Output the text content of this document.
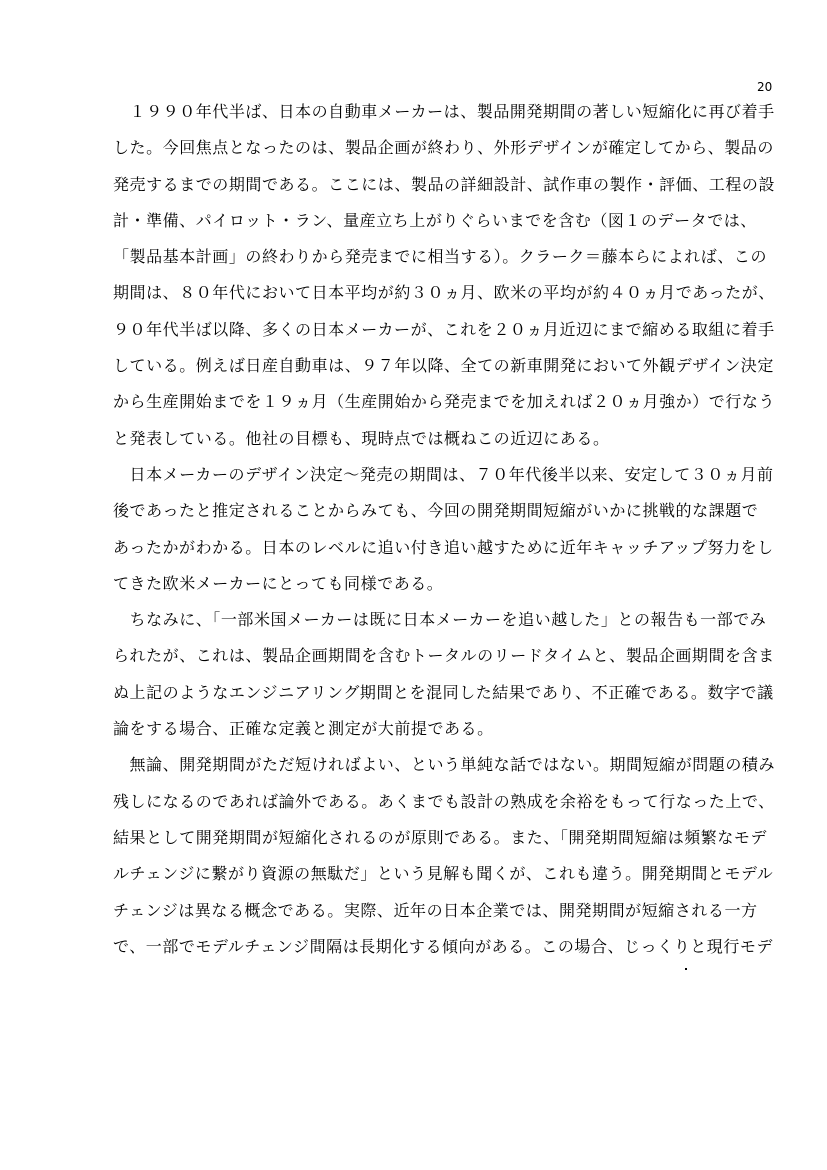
20
　１９９０年代半ば、日本の自動車メーカーは、製品開発期間の著しい短縮化に再び着手
した。今回焦点となったのは、製品企画が終わり、外形デザインが確定してから、製品の
発売するまでの期間である。ここには、製品の詳細設計、試作車の製作・評価、工程の設
計・準備、パイロット・ラン、量産立ち上がりぐらいまでを含む（図１のデータでは、
「製品基本計画」の終わりから発売までに相当する）。クラーク＝藤本らによれば、この
期間は、８０年代において日本平均が約３０ヵ月、欧米の平均が約４０ヵ月であったが、
９０年代半ば以降、多くの日本メーカーが、これを２０ヵ月近辺にまで縮める取組に着手
している。例えば日産自動車は、９７年以降、全ての新車開発において外観デザイン決定
から生産開始までを１９ヵ月（生産開始から発売までを加えれば２０ヵ月強か）で行なう
と発表している。他社の目標も、現時点では概ねこの近辺にある。
　日本メーカーのデザイン決定～発売の期間は、７０年代後半以来、安定して３０ヵ月前
後であったと推定されることからみても、今回の開発期間短縮がいかに挑戦的な課題で
あったかがわかる。日本のレベルに追い付き追い越すために近年キャッチアップ努力をし
てきた欧米メーカーにとっても同様である。
　ちなみに、「一部米国メーカーは既に日本メーカーを追い越した」との報告も一部でみ
られたが、これは、製品企画期間を含むトータルのリードタイムと、製品企画期間を含ま
ぬ上記のようなエンジニアリング期間とを混同した結果であり、不正確である。数字で議
論をする場合、正確な定義と測定が大前提である。
　無論、開発期間がただ短ければよい、という単純な話ではない。期間短縮が問題の積み
残しになるのであれば論外である。あくまでも設計の熟成を余裕をもって行なった上で、
結果として開発期間が短縮化されるのが原則である。また、「開発期間短縮は頻繁なモデ
ルチェンジに繋がり資源の無駄だ」という見解も聞くが、これも違う。開発期間とモデル
チェンジは異なる概念である。実際、近年の日本企業では、開発期間が短縮される一方
で、一部でモデルチェンジ間隔は長期化する傾向がある。この場合、じっくりと現行モデ
